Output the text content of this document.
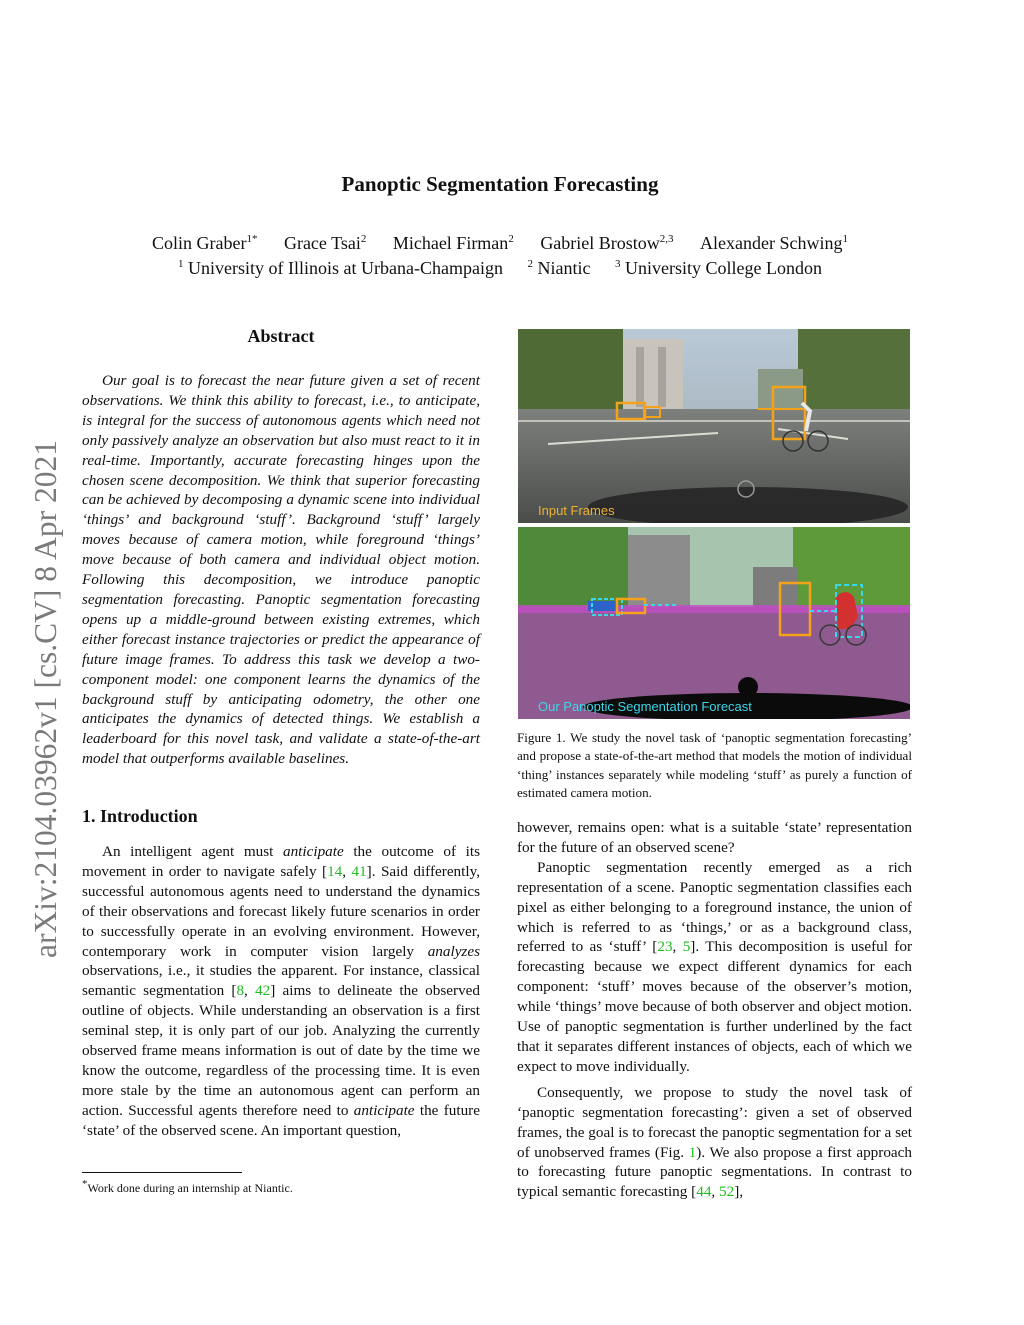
arXiv:2104.03962v1 [cs.CV] 8 Apr 2021
Panoptic Segmentation Forecasting
Colin Graber$^{1*}$ Grace Tsai$^2$ Michael Firman$^2$ Gabriel Brostow$^{2,3}$ Alexander Schwing$^1$
$^1$ University of Illinois at Urbana-Champaign $^2$ Niantic $^3$ University College London
Abstract
Our goal is to forecast the near future given a set of recent observations. We think this ability to forecast, i.e., to anticipate, is integral for the success of autonomous agents which need not only passively analyze an observation but also must react to it in real-time. Importantly, accurate forecasting hinges upon the chosen scene decomposition. We think that superior forecasting can be achieved by decomposing a dynamic scene into individual ‘things’ and background ‘stuff’. Background ‘stuff’ largely moves because of camera motion, while foreground ‘things’ move because of both camera and individual object motion. Following this decomposition, we introduce panoptic segmentation forecasting. Panoptic segmentation forecasting opens up a middle-ground between existing extremes, which either forecast instance trajectories or predict the appearance of future image frames. To address this task we develop a two-component model: one component learns the dynamics of the background stuff by anticipating odometry, the other one anticipates the dynamics of detected things. We establish a leaderboard for this novel task, and validate a state-of-the-art model that outperforms available baselines.
1. Introduction

An intelligent agent must anticipate the outcome of its movement in order to navigate safely [14, 41]. Said differently, successful autonomous agents need to understand the dynamics of their observations and forecast likely future scenarios in order to successfully operate in an evolving environment. However, contemporary work in computer vision largely analyzes observations, i.e., it studies the apparent. For instance, classical semantic segmentation [8, 42] aims to delineate the observed outline of objects. While understanding an observation is a first seminal step, it is only part of our job. Analyzing the currently observed frame means information is out of date by the time we know the outcome, regardless of the processing time. It is even more stale by the time an autonomous agent can perform an action. Successful agents therefore need to anticipate the future ‘state’ of the observed scene. An important question,

Input Frames
Our Panoptic Segmentation Forecast
Figure 1. We study the novel task of ‘panoptic segmentation forecasting’ and propose a state-of-the-art method that models the motion of individual ‘thing’ instances separately while modeling ‘stuff’ as purely a function of estimated camera motion.

however, remains open: what is a suitable ‘state’ representation for the future of an observed scene?

Panoptic segmentation recently emerged as a rich representation of a scene. Panoptic segmentation classifies each pixel as either belonging to a foreground instance, the union of which is referred to as ‘things,’ or as a background class, referred to as ‘stuff’ [23, 5]. This decomposition is useful for forecasting because we expect different dynamics for each component: ‘stuff’ moves because of the observer’s motion, while ‘things’ move because of both observer and object motion. Use of panoptic segmentation is further underlined by the fact that it separates different instances of objects, each of which we expect to move individually.

Consequently, we propose to study the novel task of ‘panoptic segmentation forecasting’: given a set of observed frames, the goal is to forecast the panoptic segmentation for a set of unobserved frames (Fig. 1). We also propose a first approach to forecasting future panoptic segmentations. In contrast to typical semantic forecasting [44, 52],

*Work done during an internship at Niantic.
